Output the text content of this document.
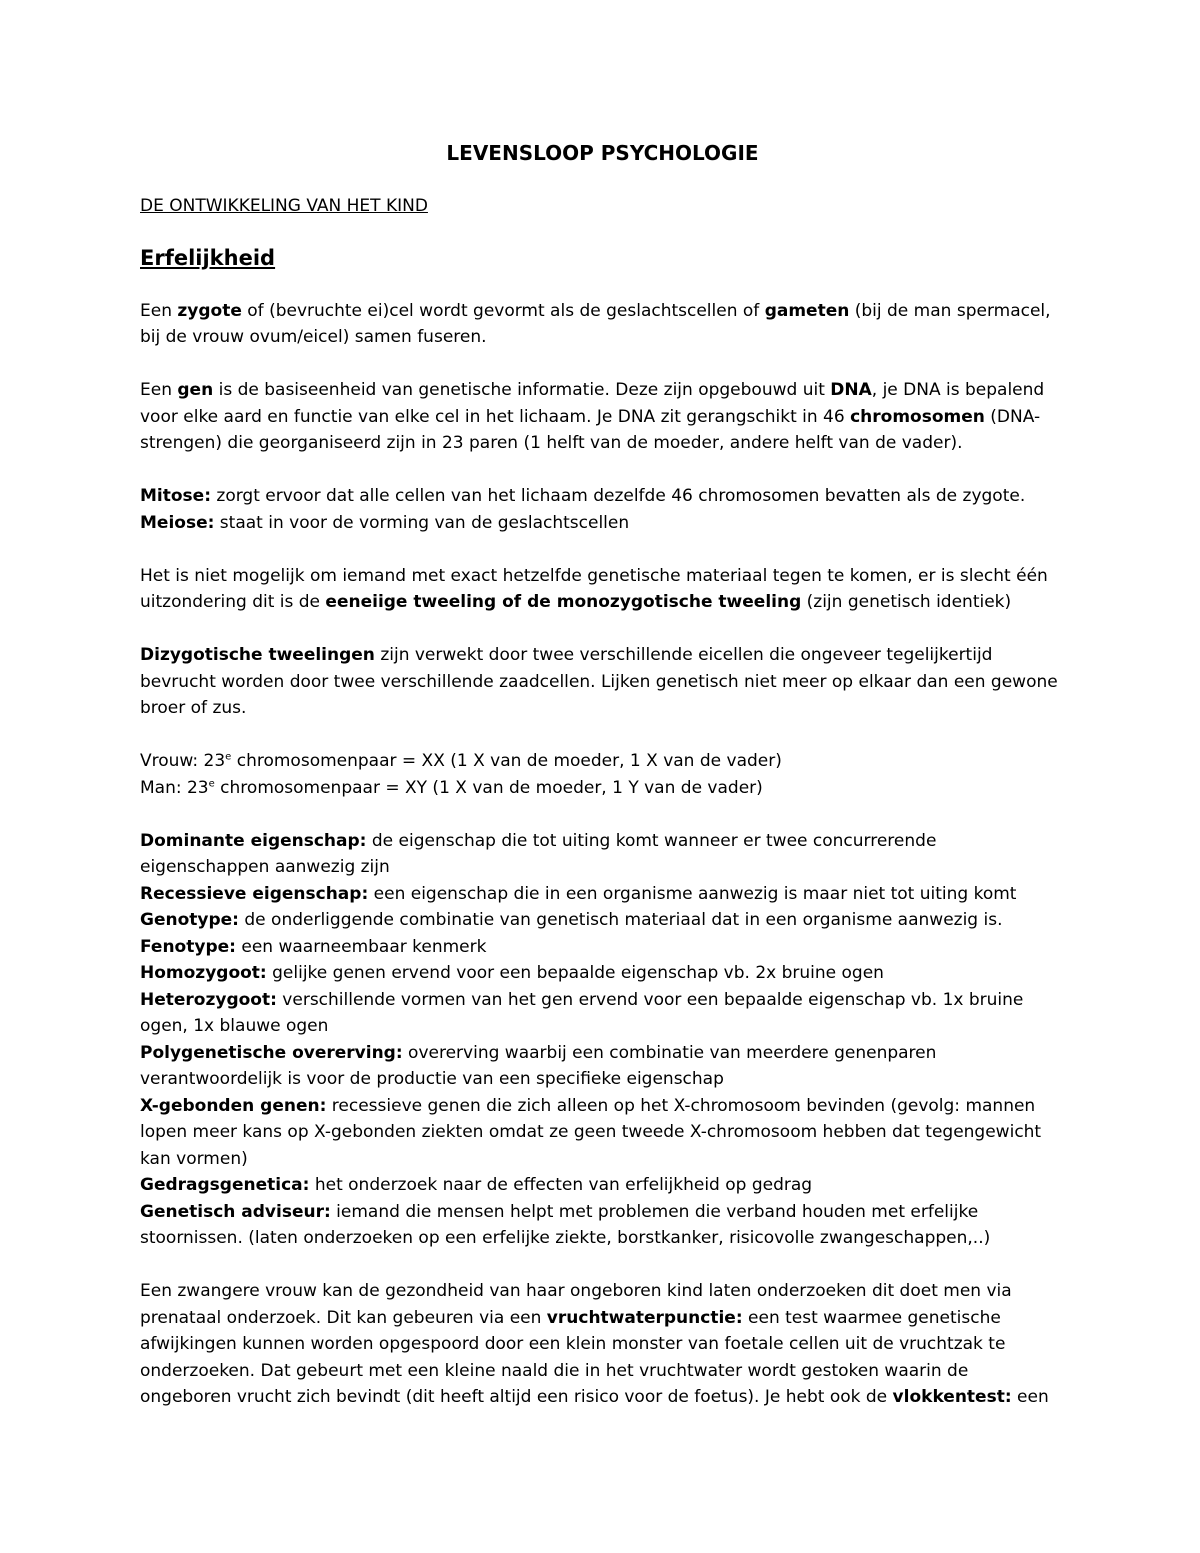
LEVENSLOOP PSYCHOLOGIE
DE ONTWIKKELING VAN HET KIND
Erfelijkheid

Een zygote of (bevruchte ei)cel wordt gevormt als de geslachtscellen of gameten (bij de man spermacel, bij de vrouw ovum/eicel) samen fuseren.

Een gen is de basiseenheid van genetische informatie. Deze zijn opgebouwd uit DNA, je DNA is bepalend voor elke aard en functie van elke cel in het lichaam. Je DNA zit gerangschikt in 46 chromosomen (DNA-strengen) die georganiseerd zijn in 23 paren (1 helft van de moeder, andere helft van de vader).

Mitose: zorgt ervoor dat alle cellen van het lichaam dezelfde 46 chromosomen bevatten als de zygote.
Meiose: staat in voor de vorming van de geslachtscellen

Het is niet mogelijk om iemand met exact hetzelfde genetische materiaal tegen te komen, er is slecht één uitzondering dit is de eeneiige tweeling of de monozygotische tweeling (zijn genetisch identiek)

Dizygotische tweelingen zijn verwekt door twee verschillende eicellen die ongeveer tegelijkertijd bevrucht worden door twee verschillende zaadcellen. Lijken genetisch niet meer op elkaar dan een gewone broer of zus.

Vrouw: 23e chromosomenpaar = XX (1 X van de moeder, 1 X van de vader)
Man: 23e chromosomenpaar = XY (1 X van de moeder, 1 Y van de vader)

Dominante eigenschap: de eigenschap die tot uiting komt wanneer er twee concurrerende eigenschappen aanwezig zijn

Recessieve eigenschap: een eigenschap die in een organisme aanwezig is maar niet tot uiting komt

Genotype: de onderliggende combinatie van genetisch materiaal dat in een organisme aanwezig is.

Fenotype: een waarneembaar kenmerk

Homozygoot: gelijke genen ervend voor een bepaalde eigenschap vb. 2x bruine ogen

Heterozygoot: verschillende vormen van het gen ervend voor een bepaalde eigenschap vb. 1x bruine ogen, 1x blauwe ogen

Polygenetische overerving: overerving waarbij een combinatie van meerdere genenparen verantwoordelijk is voor de productie van een specifieke eigenschap

X-gebonden genen: recessieve genen die zich alleen op het X-chromosoom bevinden (gevolg: mannen lopen meer kans op X-gebonden ziekten omdat ze geen tweede X-chromosoom hebben dat tegengewicht kan vormen)

Gedragsgenetica: het onderzoek naar de effecten van erfelijkheid op gedrag

Genetisch adviseur: iemand die mensen helpt met problemen die verband houden met erfelijke stoornissen. (laten onderzoeken op een erfelijke ziekte, borstkanker, risicovolle zwangeschappen,..)

Een zwangere vrouw kan de gezondheid van haar ongeboren kind laten onderzoeken dit doet men via prenataal onderzoek. Dit kan gebeuren via een vruchtwaterpunctie: een test waarmee genetische afwijkingen kunnen worden opgespoord door een klein monster van foetale cellen uit de vruchtzak te onderzoeken. Dat gebeurt met een kleine naald die in het vruchtwater wordt gestoken waarin de ongeboren vrucht zich bevindt (dit heeft altijd een risico voor de foetus). Je hebt ook de vlokkentest: een
